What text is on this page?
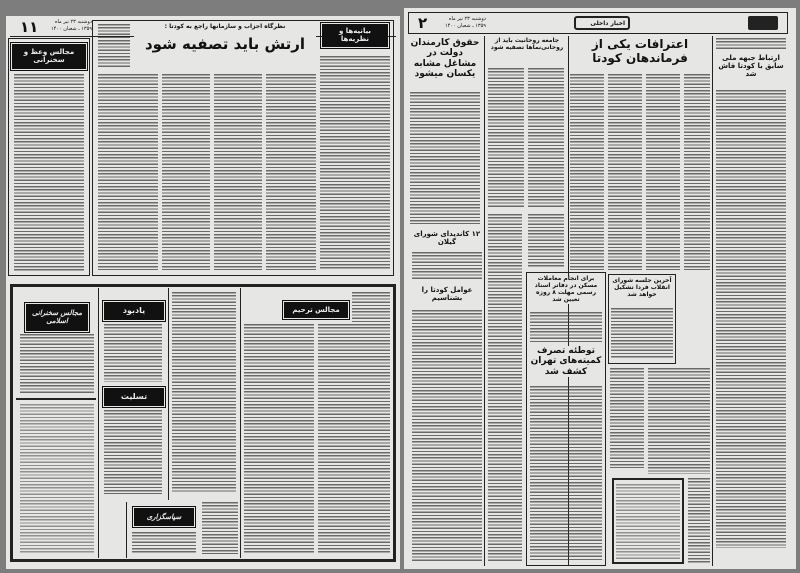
۱۱	دوشنبه ۲۳ تیر ماه
۱۳۵۹ ـ شعبان ۱۴۰۰
مجالس وعظ و سخنرانی
نظرگاه احزاب و سازمانها راجع به کودتا :
ارتش باید تصفیه شود
بیانیه‌ها و نظریه‌ها
مجالس سخنرانی اسلامی
یادبود
تسلیت
سپاسگزاری
مجالس ترحیم
۲	دوشنبه ۲۳ تیر ماه
۱۳۵۹ ـ شعبان ۱۴۰۰	اخبار داخلی
حقوق کارمندان دولت در مشاغل مشابه یکسان میشود
جامعه روحانیت باید از روحانی‌نماها تصفیه شود	اعترافات یکی از فرماندهان کودتا	ارتباط جبهه ملی سابق با کودتا فاش شد
۱۲ کاندیدای شورای گیلان
عوامل کودتا را بشناسیم
برای انجام معاملات مسکن در دفاتر اسناد رسمی مهلت ۸ روزه تعیین شد
توطئه تصرف کمیته‌های تهران کشف شد
آخرین جلسه شورای انقلاب فردا تشکیل خواهد شد
